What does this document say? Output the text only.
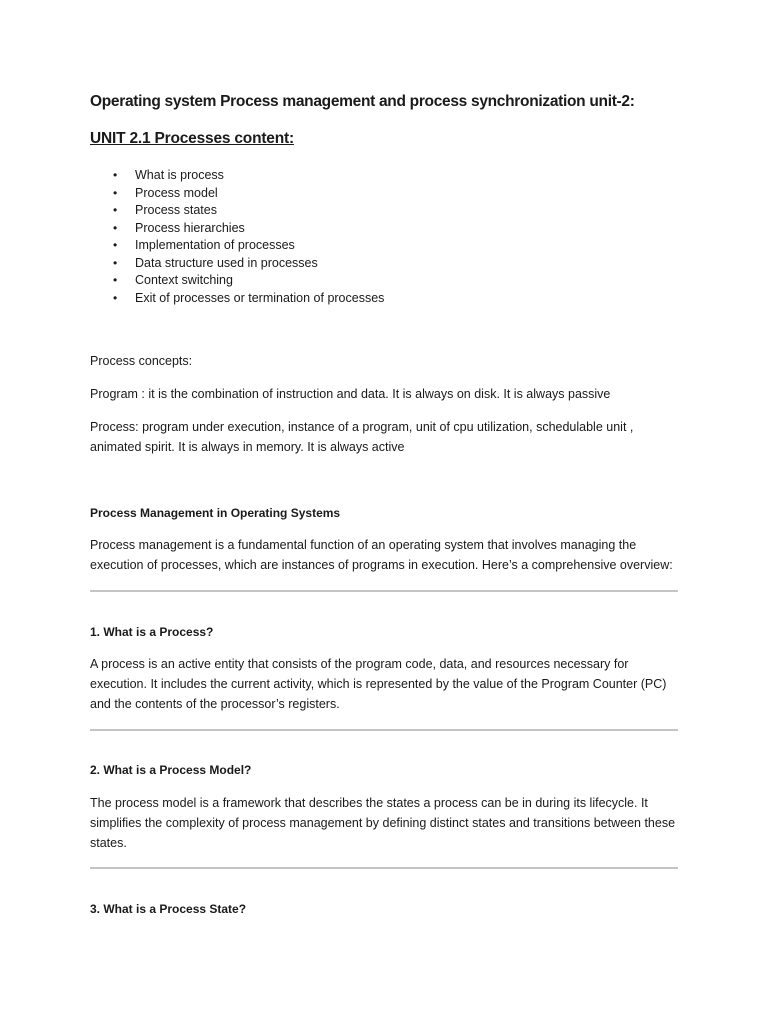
Operating system Process management and process synchronization unit-2:
UNIT 2.1 Processes content:
• What is process
• Process model
• Process states
• Process hierarchies
• Implementation of processes
• Data structure used in processes
• Context switching
• Exit of processes or termination of processes

Process concepts:

Program : it is the combination of instruction and data. It is always on disk. It is always passive

Process: program under execution, instance of a program, unit of cpu utilization, schedulable unit , animated spirit. It is always in memory. It is always active

Process Management in Operating Systems

Process management is a fundamental function of an operating system that involves managing the execution of processes, which are instances of programs in execution. Here’s a comprehensive overview:

1. What is a Process?

A process is an active entity that consists of the program code, data, and resources necessary for execution. It includes the current activity, which is represented by the value of the Program Counter (PC) and the contents of the processor’s registers.

2. What is a Process Model?

The process model is a framework that describes the states a process can be in during its lifecycle. It simplifies the complexity of process management by defining distinct states and transitions between these states.

3. What is a Process State?
